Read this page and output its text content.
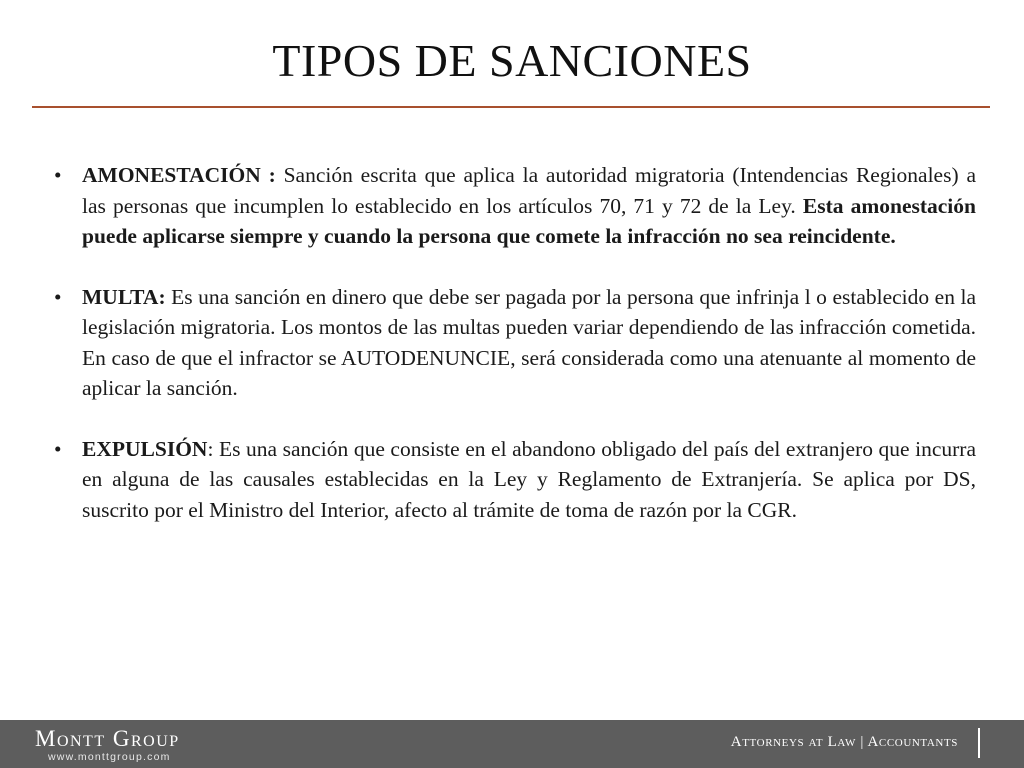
TIPOS DE SANCIONES
• AMONESTACIÓN : Sanción escrita que aplica la autoridad migratoria (Intendencias Regionales) a las personas que incumplen lo establecido en los artículos 70, 71 y 72 de la Ley. Esta amonestación puede aplicarse siempre y cuando la persona que comete la infracción no sea reincidente.
• MULTA: Es una sanción en dinero que debe ser pagada por la persona que infrinja l o establecido en la legislación migratoria. Los montos de las multas pueden variar dependiendo de las infracción cometida. En caso de que el infractor se AUTODENUNCIE, será considerada como una atenuante al momento de aplicar la sanción.
• EXPULSIÓN: Es una sanción que consiste en el abandono obligado del país del extranjero que incurra en alguna de las causales establecidas en la Ley y Reglamento de Extranjería. Se aplica por DS, suscrito por el Ministro del Interior, afecto al trámite de toma de razón por la CGR.
Montt Group
www.monttgroup.com
Attorneys at Law | Accountants
